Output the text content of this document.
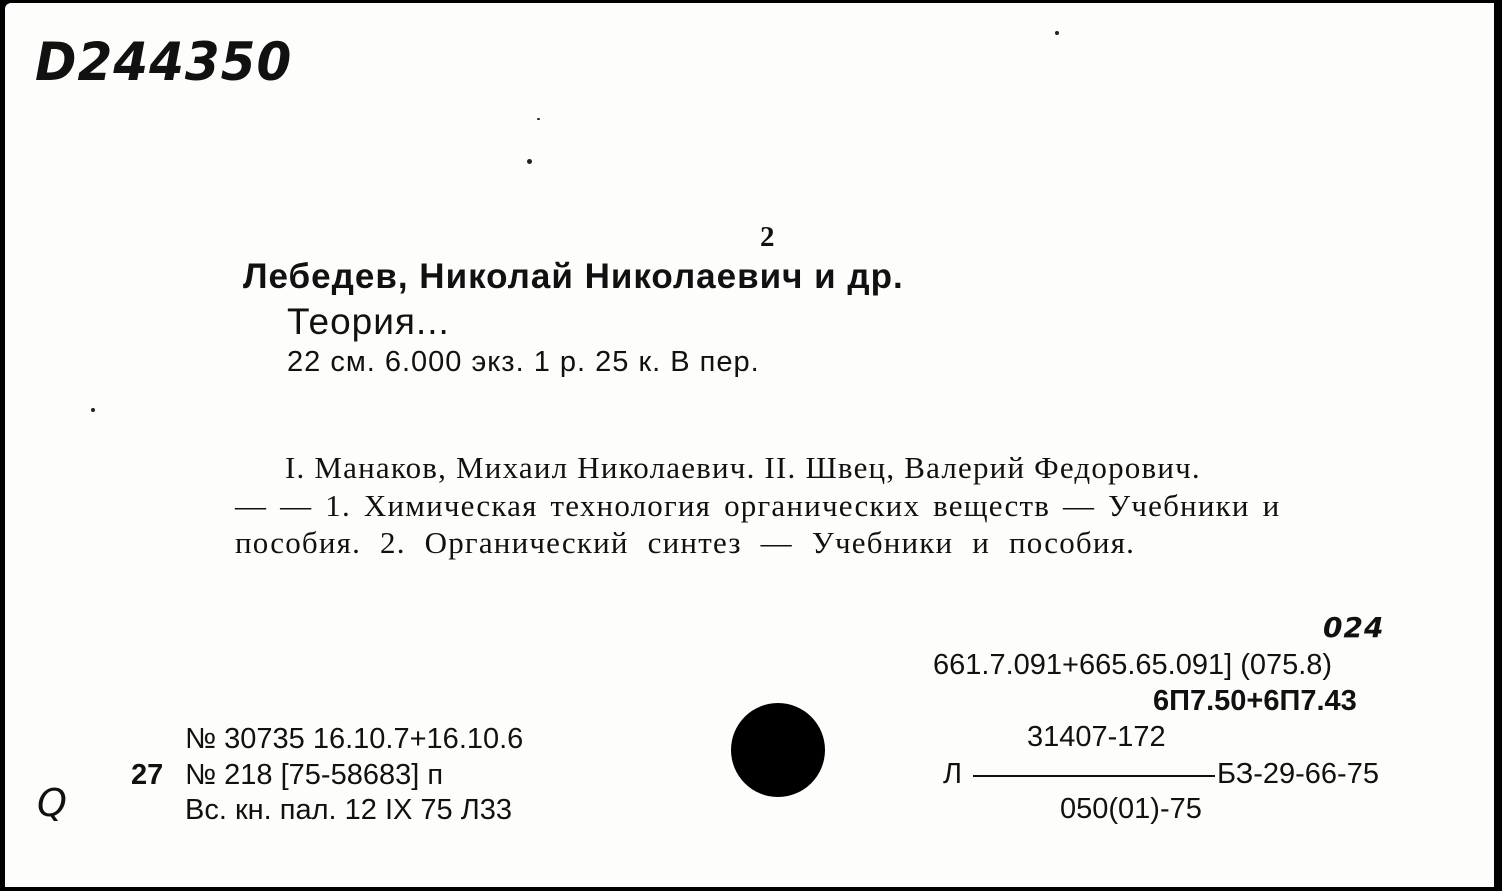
D244350
2
Лебедев, Николай Николаевич и др.
Теория...
22 см. 6.000 экз. 1 р. 25 к. В пер.
I. Манаков, Михаил Николаевич. II. Швец, Валерий Федорович.
— — 1. Химическая технология органических веществ — Учебники и
пособия. 2. Органический синтез — Учебники и пособия.
024
661.7.091+665.65.091] (075.8)
6П7.50+6П7.43
31407-172
Л	БЗ-29-66-75
050(01)-75
№ 30735 16.10.7+16.10.6
27 № 218 [75-58683] п
Вс. кн. пал. 12 IX 75 Л33
Q
